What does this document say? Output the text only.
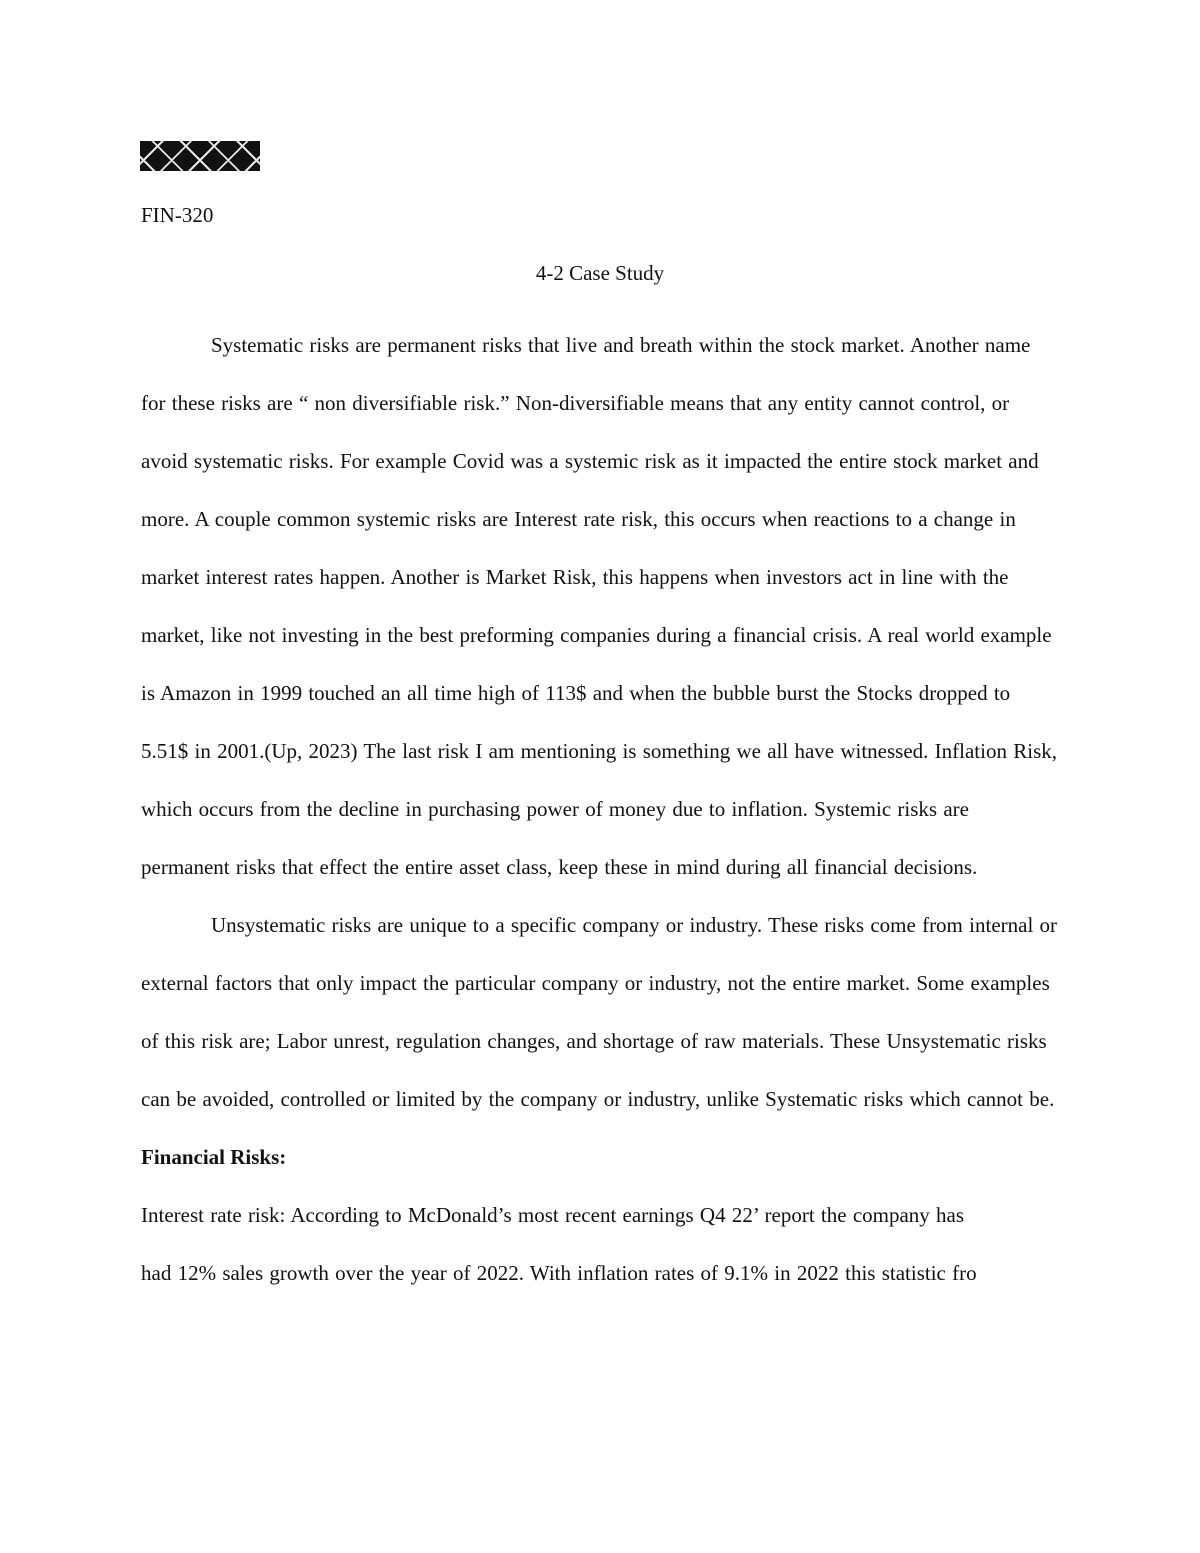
FIN-320

4-2 Case Study

Systematic risks are permanent risks that live and breath within the stock market. Another name for these risks are “ non diversifiable risk.” Non-diversifiable means that any entity cannot control, or avoid systematic risks. For example Covid was a systemic risk as it impacted the entire stock market and more. A couple common systemic risks are Interest rate risk, this occurs when reactions to a change in market interest rates happen. Another is Market Risk, this happens when investors act in line with the market, like not investing in the best preforming companies during a financial crisis. A real world example is Amazon in 1999 touched an all time high of 113$ and when the bubble burst the Stocks dropped to 5.51$ in 2001.(Up, 2023) The last risk I am mentioning is something we all have witnessed. Inflation Risk, which occurs from the decline in purchasing power of money due to inflation. Systemic risks are permanent risks that effect the entire asset class, keep these in mind during all financial decisions.

Unsystematic risks are unique to a specific company or industry. These risks come from internal or external factors that only impact the particular company or industry, not the entire market. Some examples of this risk are; Labor unrest, regulation changes, and shortage of raw materials. These Unsystematic risks can be avoided, controlled or limited by the company or industry, unlike Systematic risks which cannot be.

Financial Risks:

Interest rate risk: According to McDonald’s most recent earnings Q4 22’ report the company has

had 12% sales growth over the year of 2022. With inflation rates of 9.1% in 2022 this statistic fro
